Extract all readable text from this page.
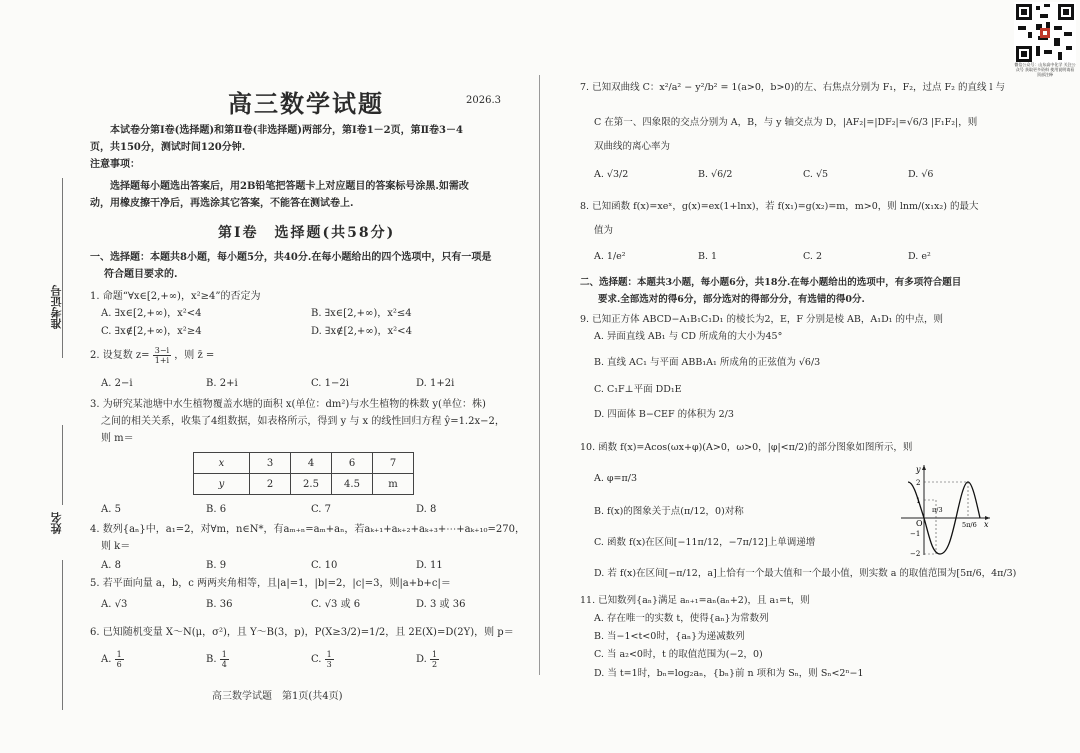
微信公众号：山东高中化学 关注公众号 获取更多资料 使用说明请看顶部注释
准考证号
姓名
高三数学试题	2026.3
本试卷分第Ⅰ卷(选择题)和第Ⅱ卷(非选择题)两部分，第Ⅰ卷1－2页，第Ⅱ卷3－4
页，共150分，测试时间120分钟.
注意事项：
选择题每小题选出答案后，用2B铅笔把答题卡上对应题目的答案标号涂黑.如需改
动，用橡皮擦干净后，再选涂其它答案，不能答在测试卷上.
第Ⅰ卷　选择题(共58分)
一、选择题：本题共8小题，每小题5分，共40分.在每小题给出的四个选项中，只有一项是
符合题目要求的.
1. 命题“∀x∈[2,+∞)，x²≥4”的否定为
A. ∃x∈[2,+∞)，x²<4	B. ∃x∈[2,+∞)，x²≤4
C. ∃x∉[2,+∞)，x²≥4	D. ∃x∉[2,+∞)，x²<4
2. 设复数 $z= \frac{3-i}{1+i}$ ，则 z̄ =
A. 2−i	B. 2+i	C. 1−2i	D. 1+2i
3. 为研究某池塘中水生植物覆盖水塘的面积 x(单位：dm²)与水生植物的株数 y(单位：株)
之间的相关关系，收集了4组数据，如表格所示，得到 y 与 x 的线性回归方程 ŷ=1.2x−2，
则 m＝
x	3	4	6	7
y	2	2.5	4.5	m
A. 5	B. 6	C. 7	D. 8
4. 数列{aₙ}中，a₁=2，对∀m，n∈N*，有aₘ₊ₙ=aₘ+aₙ，若aₖ₊₁+aₖ₊₂+aₖ₊₃+⋯+aₖ₊₁₀=270，
则 k＝
A. 8	B. 9	C. 10	D. 11
5. 若平面向量 a，b，c 两两夹角相等，且|a|=1，|b|=2，|c|=3，则|a+b+c|＝
A. √3	B. 36	C. √3 或 6	D. 3 或 36
6. 已知随机变量 X～N(μ，σ²)，且 Y～B(3，p)，P(X≥3/2)=1/2，且 2E(X)=D(2Y)，则 p＝
A. $\frac{1}{6}$	B. $\frac{1}{4}$	C. $\frac{1}{3}$	D. $\frac{1}{2}$
高三数学试题　第1页(共4页)
7. 已知双曲线 C：x²/a² − y²/b² = 1(a>0，b>0)的左、右焦点分别为 F₁，F₂，过点 F₂ 的直线 l 与
C 在第一、四象限的交点分别为 A，B，与 y 轴交点为 D，|AF₂|=|DF₂|=√6/3 |F₁F₂|，则
双曲线的离心率为
A. √3/2	B. √6/2	C. √5	D. √6
8. 已知函数 f(x)=xeˣ，g(x)=ex(1+lnx)，若 f(x₁)=g(x₂)=m，m>0，则 lnm/(x₁x₂) 的最大
值为
A. 1/e²	B. 1	C. 2	D. e²
二、选择题：本题共3小题，每小题6分，共18分.在每小题给出的选项中，有多项符合题目
要求.全部选对的得6分，部分选对的得部分分，有选错的得0分.
9. 已知正方体 ABCD−A₁B₁C₁D₁ 的棱长为2，E，F 分别是棱 AB，A₁D₁ 的中点，则
A. 异面直线 AB₁ 与 CD 所成角的大小为45°
B. 直线 AC₁ 与平面 ABB₁A₁ 所成角的正弦值为 √6/3
C. C₁F⊥平面 DD₁E
D. 四面体 B−CEF 的体积为 2/3
10. 函数 f(x)=Acos(ωx+φ)(A>0，ω>0，|φ|<π/2)的部分图象如图所示，则
A. φ=π/3
B. f(x)的图象关于点(π/12，0)对称
C. 函数 f(x)在区间[−11π/12，−7π/12]上单调递增
D. 若 f(x)在区间[−π/12，a]上恰有一个最大值和一个最小值，则实数 a 的取值范围为[5π/6，4π/3)
y
x
O
2
1
−1
−2
π/3
5π/6
11. 已知数列{aₙ}满足 aₙ₊₁=aₙ(aₙ+2)，且 a₁=t，则
A. 存在唯一的实数 t，使得{aₙ}为常数列
B. 当−1<t<0时，{aₙ}为递减数列
C. 当 a₂<0时，t 的取值范围为(−2，0)
D. 当 t=1时，bₙ=log₂aₙ，{bₙ}前 n 项和为 Sₙ，则 Sₙ<2ⁿ−1
